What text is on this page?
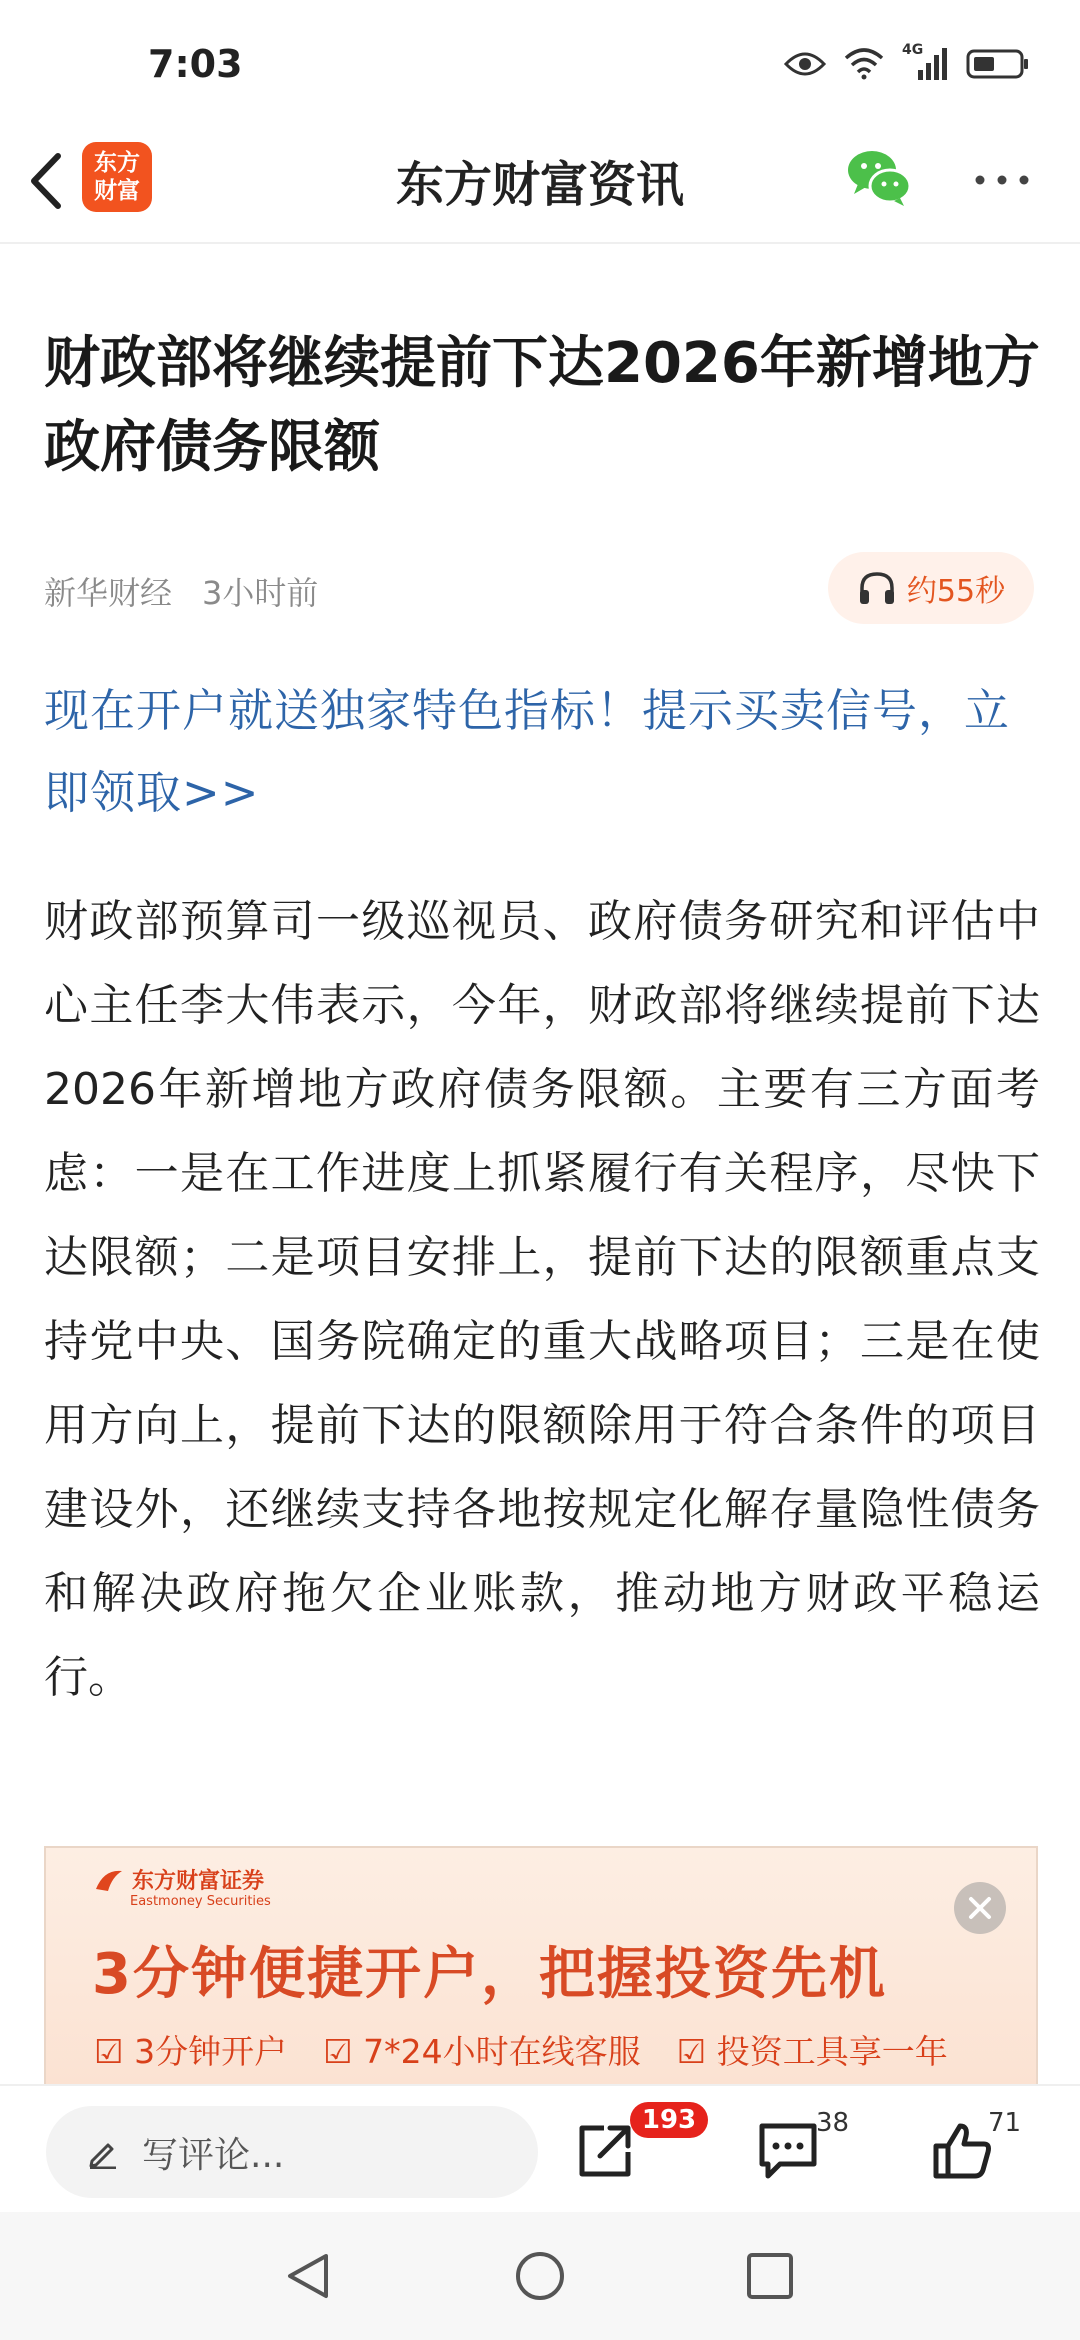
7:03	4G
东方
财富	东方财富资讯
财政部将继续提前下达2026年新增地方政府债务限额
新华财经 3小时前	约55秒
现在开户就送独家特色指标！提示买卖信号，立即领取>>
财政部预算司一级巡视员、政府债务研究和评估中心主任李大伟表示，今年，财政部将继续提前下达2026年新增地方政府债务限额。主要有三方面考虑：一是在工作进度上抓紧履行有关程序，尽快下达限额；二是项目安排上，提前下达的限额重点支持党中央、国务院确定的重大战略项目；三是在使用方向上，提前下达的限额除用于符合条件的项目建设外，还继续支持各地按规定化解存量隐性债务和解决政府拖欠企业账款，推动地方财政平稳运行。
东方财富证券
Eastmoney Securities
3分钟便捷开户，把握投资先机
☑ 3分钟开户 ☑ 7*24小时在线客服 ☑ 投资工具享一年
写评论...
193	38	71
